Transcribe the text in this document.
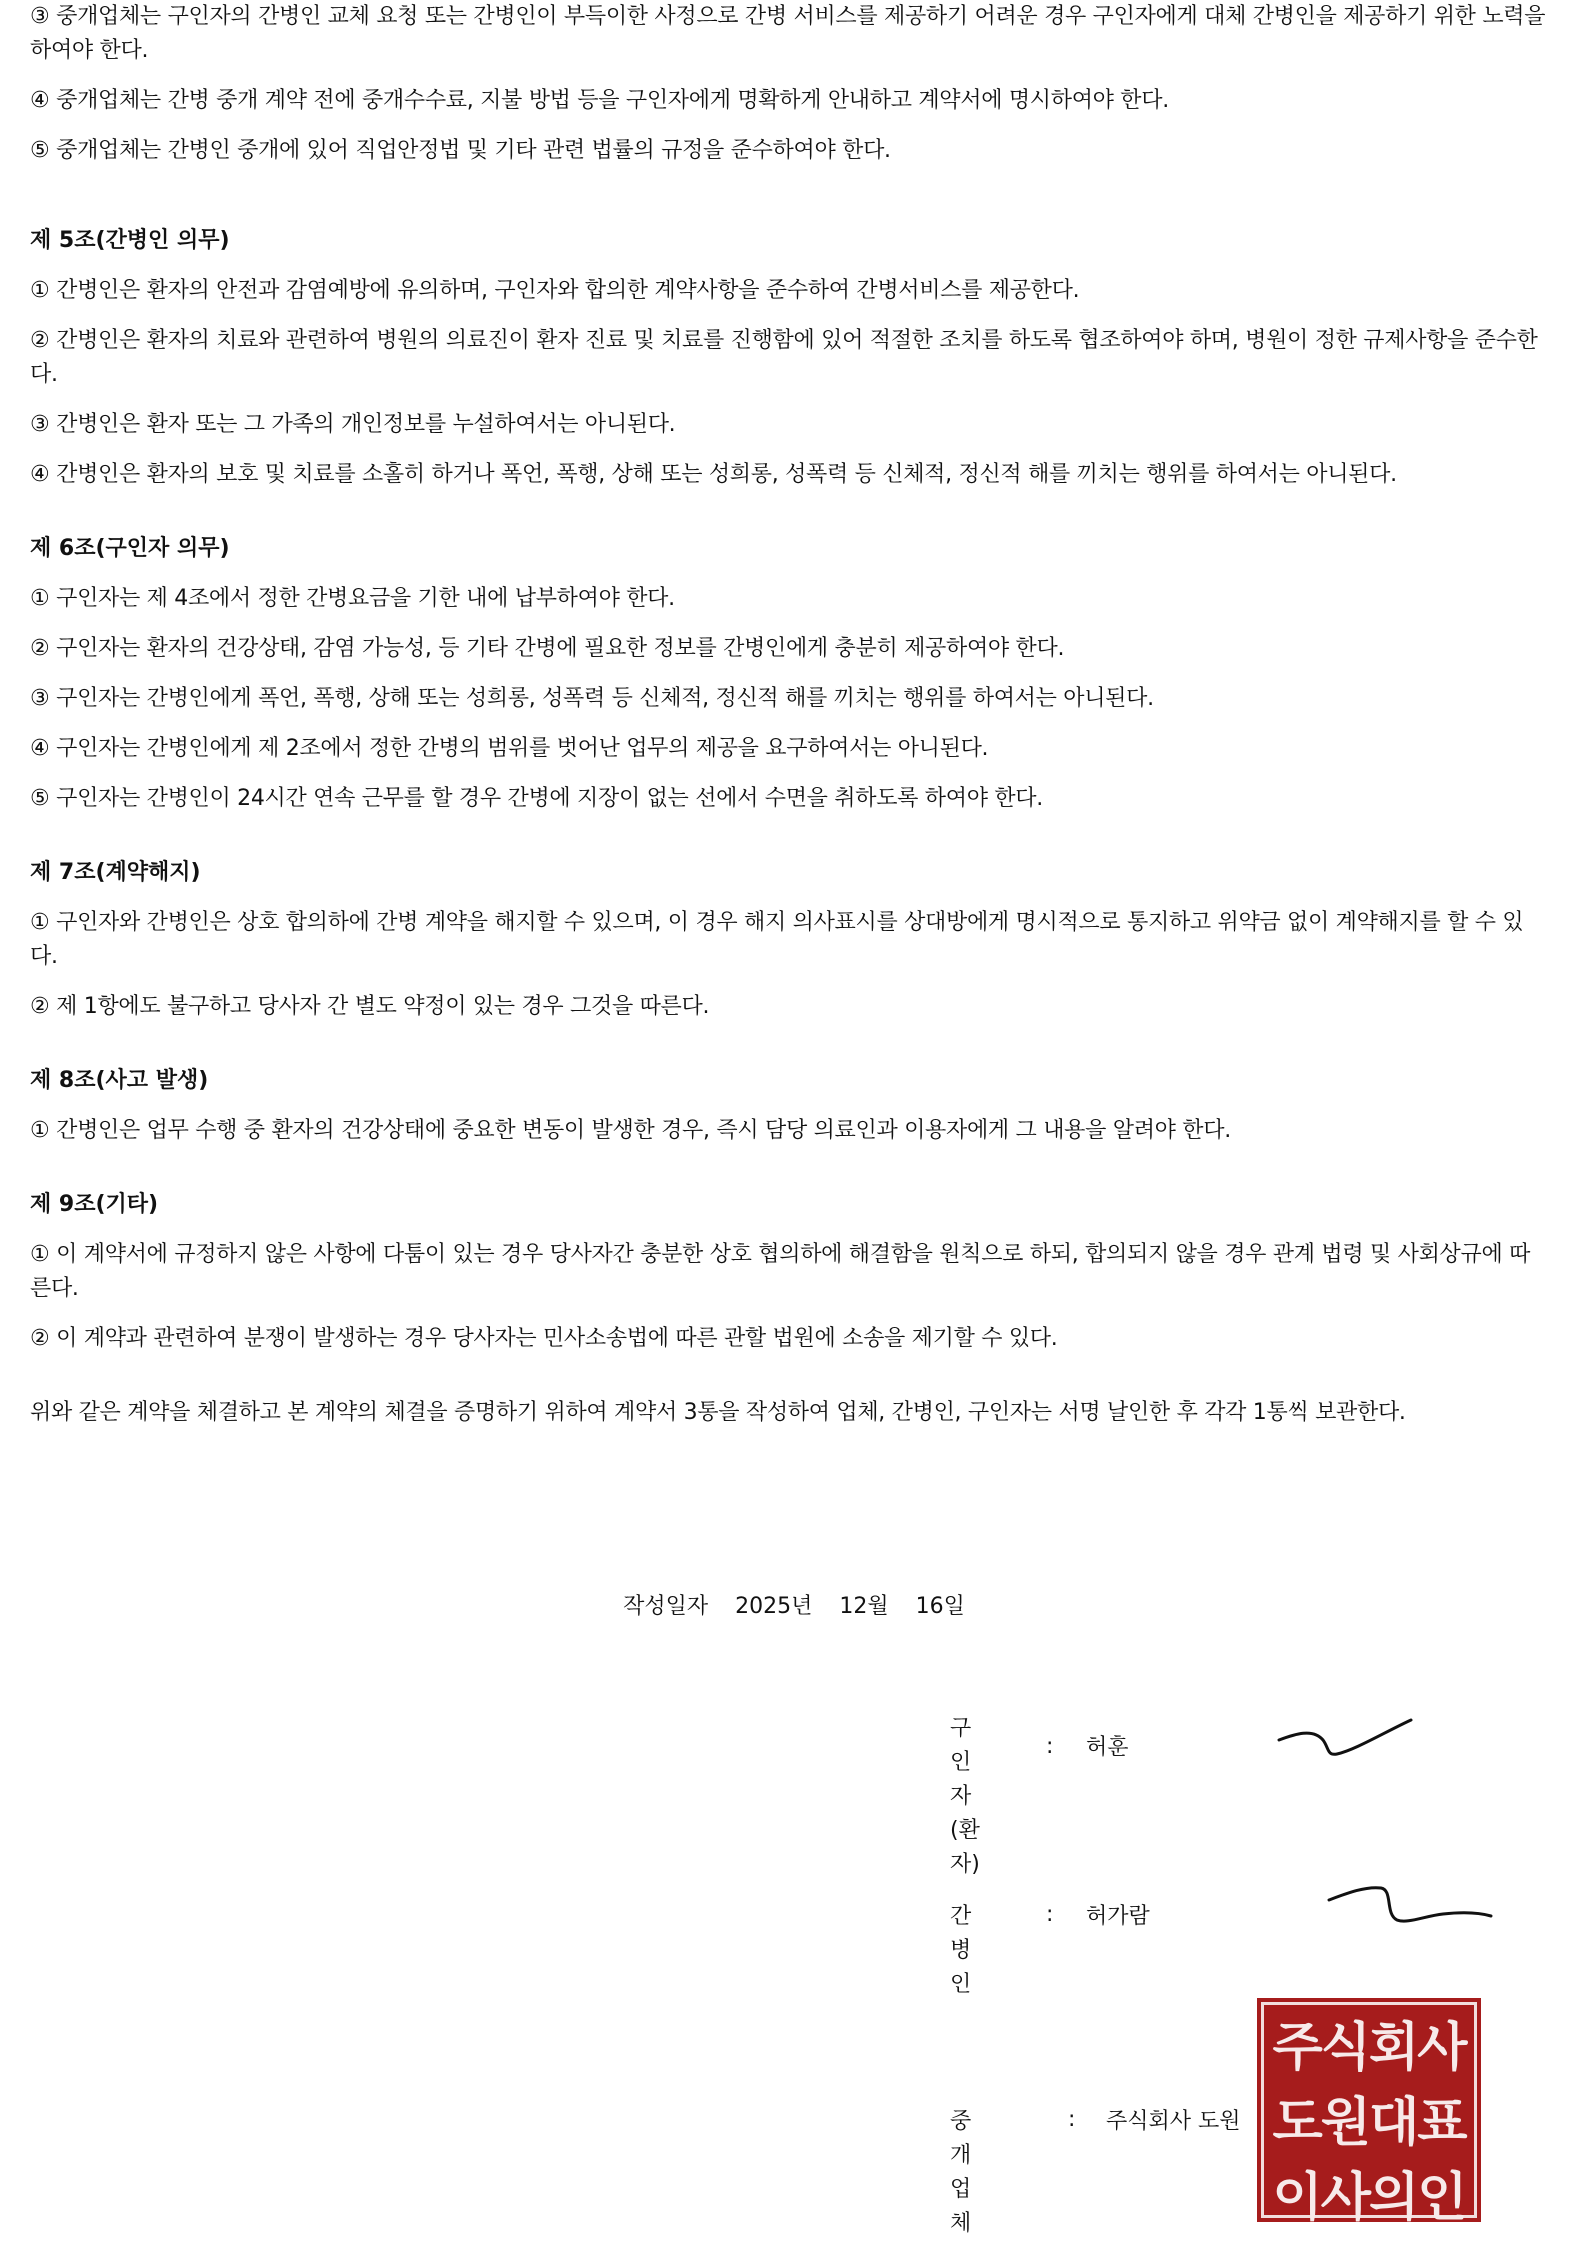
③ 중개업체는 구인자의 간병인 교체 요청 또는 간병인이 부득이한 사정으로 간병 서비스를 제공하기 어려운 경우 구인자에게 대체 간병인을 제공하기 위한 노력을

하여야 한다.

④ 중개업체는 간병 중개 계약 전에 중개수수료, 지불 방법 등을 구인자에게 명확하게 안내하고 계약서에 명시하여야 한다.

⑤ 중개업체는 간병인 중개에 있어 직업안정법 및 기타 관련 법률의 규정을 준수하여야 한다.

제 5조(간병인 의무)

① 간병인은 환자의 안전과 감염예방에 유의하며, 구인자와 합의한 계약사항을 준수하여 간병서비스를 제공한다.

② 간병인은 환자의 치료와 관련하여 병원의 의료진이 환자 진료 및 치료를 진행함에 있어 적절한 조치를 하도록 협조하여야 하며, 병원이 정한 규제사항을 준수한

다.

③ 간병인은 환자 또는 그 가족의 개인정보를 누설하여서는 아니된다.

④ 간병인은 환자의 보호 및 치료를 소홀히 하거나 폭언, 폭행, 상해 또는 성희롱, 성폭력 등 신체적, 정신적 해를 끼치는 행위를 하여서는 아니된다.

제 6조(구인자 의무)

① 구인자는 제 4조에서 정한 간병요금을 기한 내에 납부하여야 한다.

② 구인자는 환자의 건강상태, 감염 가능성, 등 기타 간병에 필요한 정보를 간병인에게 충분히 제공하여야 한다.

③ 구인자는 간병인에게 폭언, 폭행, 상해 또는 성희롱, 성폭력 등 신체적, 정신적 해를 끼치는 행위를 하여서는 아니된다.

④ 구인자는 간병인에게 제 2조에서 정한 간병의 범위를 벗어난 업무의 제공을 요구하여서는 아니된다.

⑤ 구인자는 간병인이 24시간 연속 근무를 할 경우 간병에 지장이 없는 선에서 수면을 취하도록 하여야 한다.

제 7조(계약해지)

① 구인자와 간병인은 상호 합의하에 간병 계약을 해지할 수 있으며, 이 경우 해지 의사표시를 상대방에게 명시적으로 통지하고 위약금 없이 계약해지를 할 수 있

다.

② 제 1항에도 불구하고 당사자 간 별도 약정이 있는 경우 그것을 따른다.

제 8조(사고 발생)

① 간병인은 업무 수행 중 환자의 건강상태에 중요한 변동이 발생한 경우, 즉시 담당 의료인과 이용자에게 그 내용을 알려야 한다.

제 9조(기타)

① 이 계약서에 규정하지 않은 사항에 다툼이 있는 경우 당사자간 충분한 상호 협의하에 해결함을 원칙으로 하되, 합의되지 않을 경우 관계 법령 및 사회상규에 따

른다.

② 이 계약과 관련하여 분쟁이 발생하는 경우 당사자는 민사소송법에 따른 관할 법원에 소송을 제기할 수 있다.

위와 같은 계약을 체결하고 본 계약의 체결을 증명하기 위하여 계약서 3통을 작성하여 업체, 간병인, 구인자는 서명 날인한 후 각각 1통씩 보관한다.

작성일자 2025년 12월 16일
구인자
(환자)
: 허훈
간병인
: 허가람
중개업체
: 주식회사 도원
주식회사
도원대표
이사의인
